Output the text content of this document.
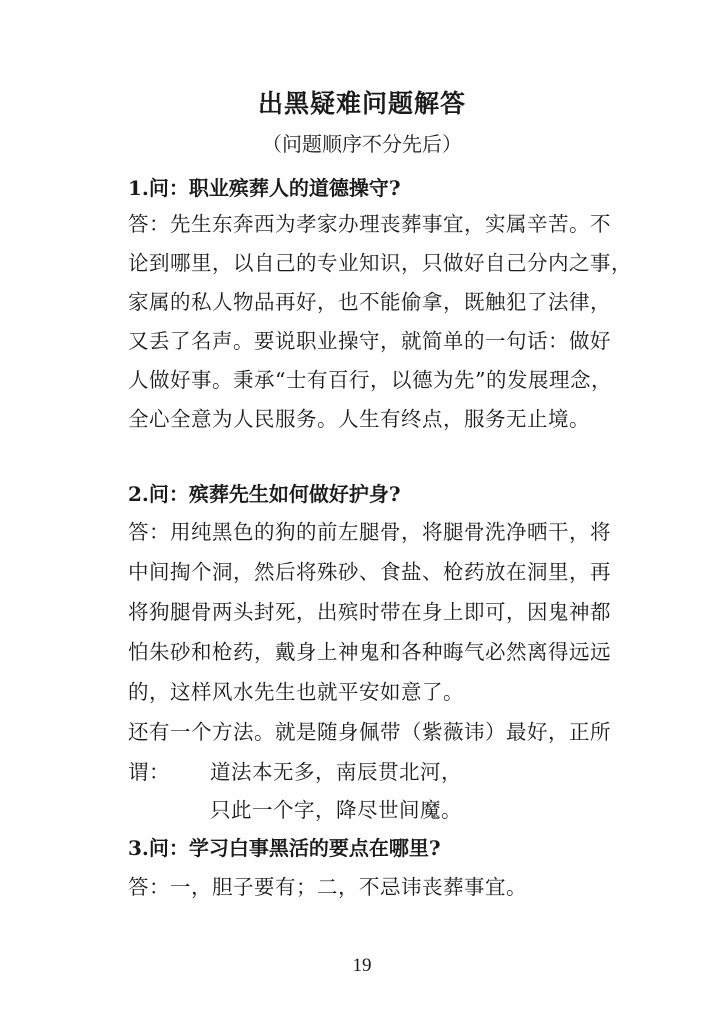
出黑疑难问题解答
（问题顺序不分先后）
1.问：职业殡葬人的道德操守?
答：先生东奔西为孝家办理丧葬事宜，实属辛苦。不
论到哪里，以自己的专业知识，只做好自己分内之事，
家属的私人物品再好，也不能偷拿，既触犯了法律，
又丢了名声。要说职业操守，就简单的一句话：做好
人做好事。秉承“士有百行，以德为先”的发展理念，
全心全意为人民服务。人生有终点，服务无止境。
2.问：殡葬先生如何做好护身?
答：用纯黑色的狗的前左腿骨，将腿骨洗净晒干，将
中间掏个洞，然后将殊砂、食盐、枪药放在洞里，再
将狗腿骨两头封死，出殡时带在身上即可，因鬼神都
怕朱砂和枪药，戴身上神鬼和各种晦气必然离得远远
的，这样风水先生也就平安如意了。
还有一个方法。就是随身佩带（紫薇讳）最好，正所
谓： 道法本无多，南辰贯北河，
只此一个字，降尽世间魔。
3.问：学习白事黑活的要点在哪里?
答：一，胆子要有；二，不忌讳丧葬事宜。
19
